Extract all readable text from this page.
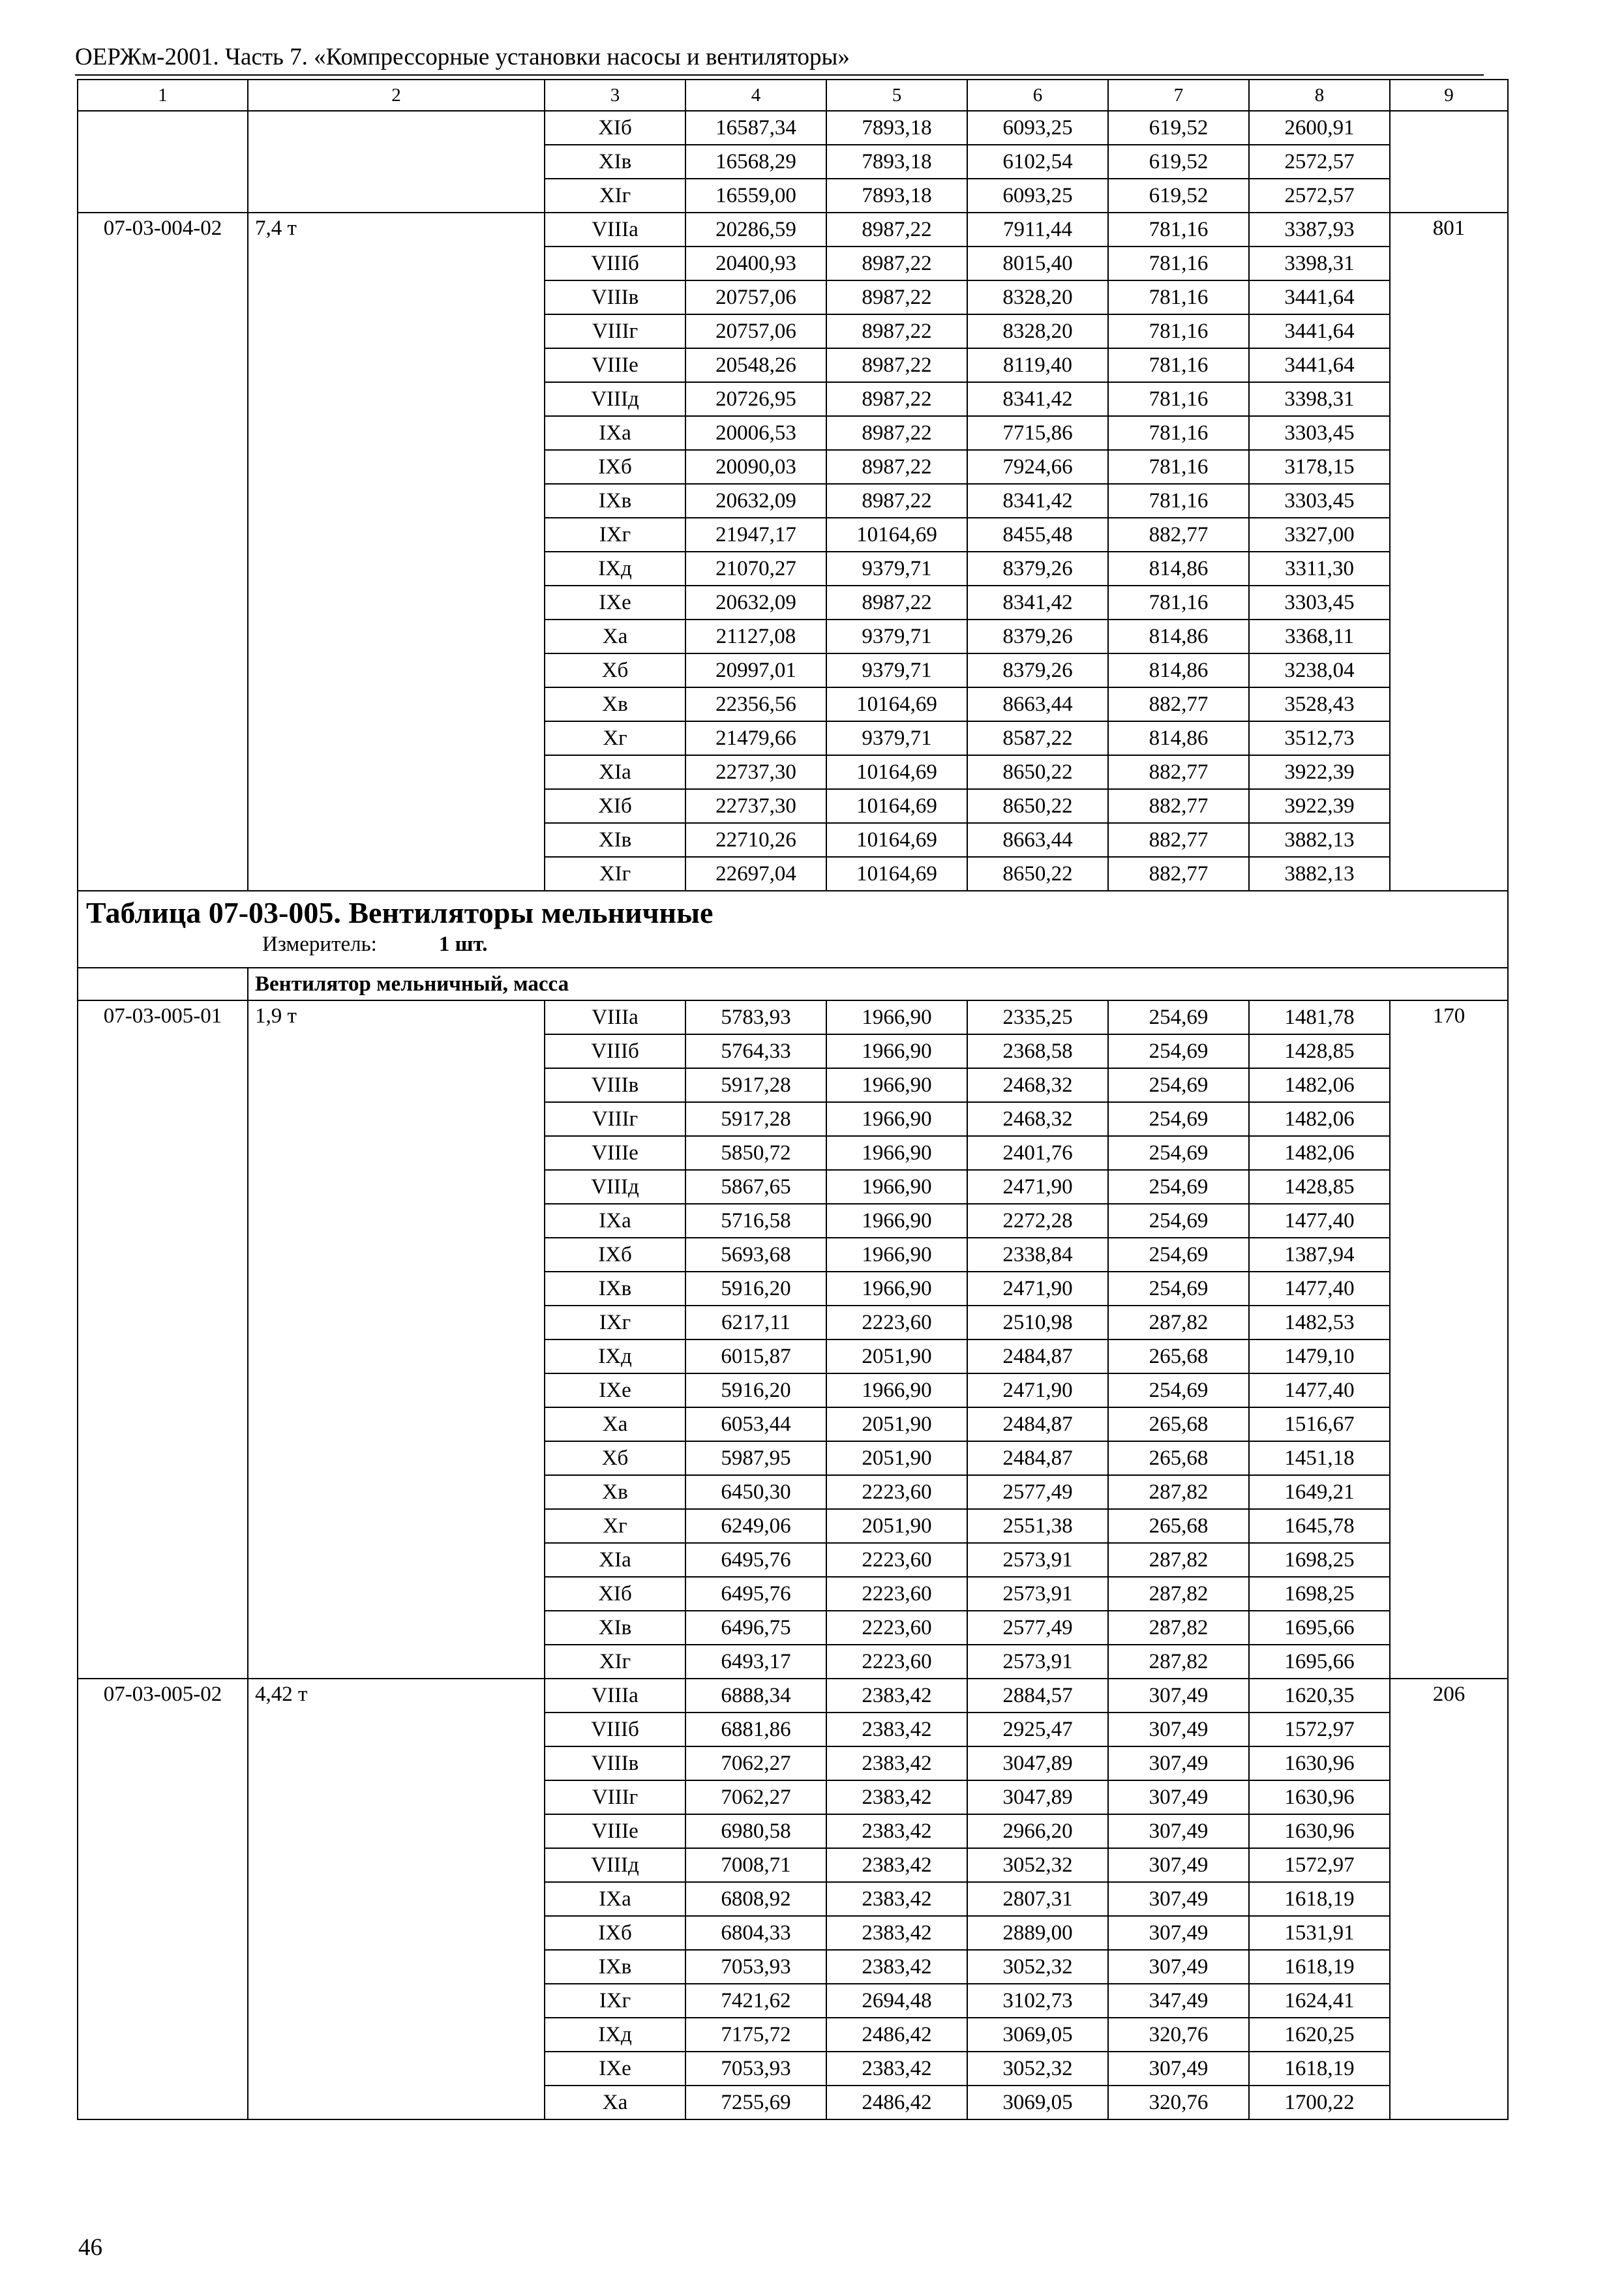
ОЕРЖм-2001. Часть 7. «Компрессорные установки насосы и вентиляторы»
1	2	3	4	5	6	7	8	9
		XIб	16587,34	7893,18	6093,25	619,52	2600,91	
		XIв	16568,29	7893,18	6102,54	619,52	2572,57	
		XIг	16559,00	7893,18	6093,25	619,52	2572,57	
07-03-004-02	7,4 т	VIIIа	20286,59	8987,22	7911,44	781,16	3387,93	801
		VIIIб	20400,93	8987,22	8015,40	781,16	3398,31	
		VIIIв	20757,06	8987,22	8328,20	781,16	3441,64	
		VIIIг	20757,06	8987,22	8328,20	781,16	3441,64	
		VIIIе	20548,26	8987,22	8119,40	781,16	3441,64	
		VIIIд	20726,95	8987,22	8341,42	781,16	3398,31	
		IXа	20006,53	8987,22	7715,86	781,16	3303,45	
		IXб	20090,03	8987,22	7924,66	781,16	3178,15	
		IXв	20632,09	8987,22	8341,42	781,16	3303,45	
		IXг	21947,17	10164,69	8455,48	882,77	3327,00	
		IXд	21070,27	9379,71	8379,26	814,86	3311,30	
		IXе	20632,09	8987,22	8341,42	781,16	3303,45	
		Xа	21127,08	9379,71	8379,26	814,86	3368,11	
		Xб	20997,01	9379,71	8379,26	814,86	3238,04	
		Xв	22356,56	10164,69	8663,44	882,77	3528,43	
		Xг	21479,66	9379,71	8587,22	814,86	3512,73	
		XIа	22737,30	10164,69	8650,22	882,77	3922,39	
		XIб	22737,30	10164,69	8650,22	882,77	3922,39	
		XIв	22710,26	10164,69	8663,44	882,77	3882,13	
		XIг	22697,04	10164,69	8650,22	882,77	3882,13	

Таблица 07-03-005. Вентиляторы мельничные
Измеритель: 1 шт.								

	Вентилятор мельничный, масса							
07-03-005-01	1,9 т	VIIIа	5783,93	1966,90	2335,25	254,69	1481,78	170
		VIIIб	5764,33	1966,90	2368,58	254,69	1428,85	
		VIIIв	5917,28	1966,90	2468,32	254,69	1482,06	
		VIIIг	5917,28	1966,90	2468,32	254,69	1482,06	
		VIIIе	5850,72	1966,90	2401,76	254,69	1482,06	
		VIIIд	5867,65	1966,90	2471,90	254,69	1428,85	
		IXа	5716,58	1966,90	2272,28	254,69	1477,40	
		IXб	5693,68	1966,90	2338,84	254,69	1387,94	
		IXв	5916,20	1966,90	2471,90	254,69	1477,40	
		IXг	6217,11	2223,60	2510,98	287,82	1482,53	
		IXд	6015,87	2051,90	2484,87	265,68	1479,10	
		IXе	5916,20	1966,90	2471,90	254,69	1477,40	
		Xа	6053,44	2051,90	2484,87	265,68	1516,67	
		Xб	5987,95	2051,90	2484,87	265,68	1451,18	
		Xв	6450,30	2223,60	2577,49	287,82	1649,21	
		Xг	6249,06	2051,90	2551,38	265,68	1645,78	
		XIа	6495,76	2223,60	2573,91	287,82	1698,25	
		XIб	6495,76	2223,60	2573,91	287,82	1698,25	
		XIв	6496,75	2223,60	2577,49	287,82	1695,66	
		XIг	6493,17	2223,60	2573,91	287,82	1695,66	
07-03-005-02	4,42 т	VIIIа	6888,34	2383,42	2884,57	307,49	1620,35	206
		VIIIб	6881,86	2383,42	2925,47	307,49	1572,97	
		VIIIв	7062,27	2383,42	3047,89	307,49	1630,96	
		VIIIг	7062,27	2383,42	3047,89	307,49	1630,96	
		VIIIе	6980,58	2383,42	2966,20	307,49	1630,96	
		VIIIд	7008,71	2383,42	3052,32	307,49	1572,97	
		IXа	6808,92	2383,42	2807,31	307,49	1618,19	
		IXб	6804,33	2383,42	2889,00	307,49	1531,91	
		IXв	7053,93	2383,42	3052,32	307,49	1618,19	
		IXг	7421,62	2694,48	3102,73	347,49	1624,41	
		IXд	7175,72	2486,42	3069,05	320,76	1620,25	
		IXе	7053,93	2383,42	3052,32	307,49	1618,19	
		Xа	7255,69	2486,42	3069,05	320,76	1700,22	
46
